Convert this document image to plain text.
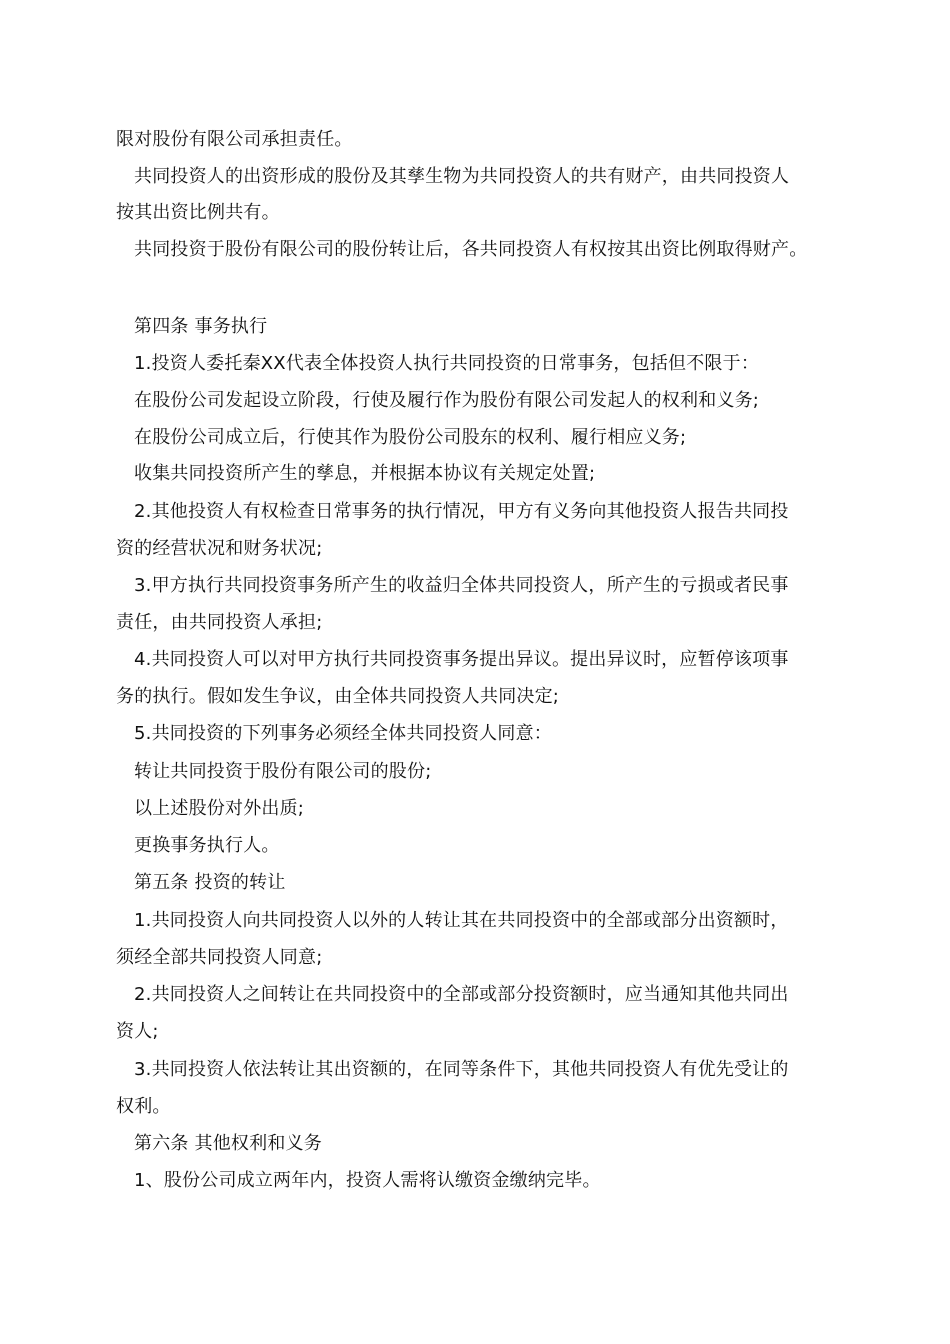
限对股份有限公司承担责任。
共同投资人的出资形成的股份及其孳生物为共同投资人的共有财产，由共同投资人
按其出资比例共有。
共同投资于股份有限公司的股份转让后，各共同投资人有权按其出资比例取得财产。
第四条 事务执行
1.投资人委托秦XX代表全体投资人执行共同投资的日常事务，包括但不限于：
在股份公司发起设立阶段，行使及履行作为股份有限公司发起人的权利和义务;
在股份公司成立后，行使其作为股份公司股东的权利、履行相应义务;
收集共同投资所产生的孳息，并根据本协议有关规定处置;
2.其他投资人有权检查日常事务的执行情况，甲方有义务向其他投资人报告共同投
资的经营状况和财务状况;
3.甲方执行共同投资事务所产生的收益归全体共同投资人，所产生的亏损或者民事
责任，由共同投资人承担;
4.共同投资人可以对甲方执行共同投资事务提出异议。提出异议时，应暂停该项事
务的执行。假如发生争议，由全体共同投资人共同决定;
5.共同投资的下列事务必须经全体共同投资人同意：
转让共同投资于股份有限公司的股份;
以上述股份对外出质;
更换事务执行人。
第五条 投资的转让
1.共同投资人向共同投资人以外的人转让其在共同投资中的全部或部分出资额时，
须经全部共同投资人同意;
2.共同投资人之间转让在共同投资中的全部或部分投资额时，应当通知其他共同出
资人;
3.共同投资人依法转让其出资额的，在同等条件下，其他共同投资人有优先受让的
权利。
第六条 其他权利和义务
1、股份公司成立两年内，投资人需将认缴资金缴纳完毕。
